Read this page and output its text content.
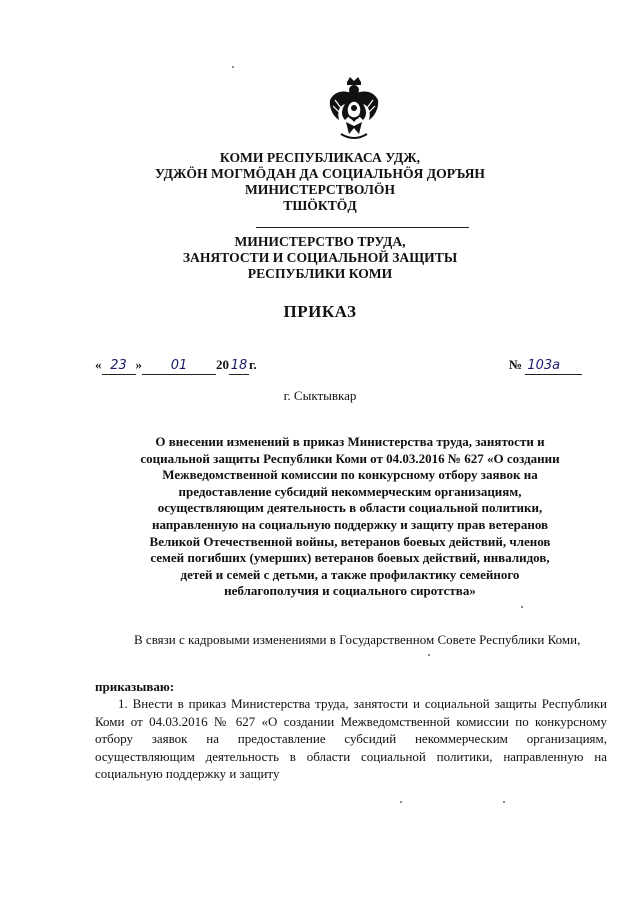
КОМИ РЕСПУБЛИКАСА УДЖ,
УДЖӦН МОГМӦДАН ДА СОЦИАЛЬНӦЯ ДОРЪЯН
МИНИСТЕРСТВОЛӦН
ТШӦКТӦД
МИНИСТЕРСТВО ТРУДА,
ЗАНЯТОСТИ И СОЦИАЛЬНОЙ ЗАЩИТЫ
РЕСПУБЛИКИ КОМИ
ПРИКАЗ
« 23 » 01 20 18 г.	№ 103а
г. Сыктывкар
О внесении изменений в приказ Министерства труда, занятости и
социальной защиты Республики Коми от 04.03.2016 № 627 «О создании
Межведомственной комиссии по конкурсному отбору заявок на
предоставление субсидий некоммерческим организациям,
осуществляющим деятельность в области социальной политики,
направленную на социальную поддержку и защиту прав ветеранов
Великой Отечественной войны, ветеранов боевых действий, членов
семей погибших (умерших) ветеранов боевых действий, инвалидов,
детей и семей с детьми, а также профилактику семейного
неблагополучия и социального сиротства»
В связи с кадровыми изменениями в Государственном Совете Республики Коми,
приказываю:
1. Внести в приказ Министерства труда, занятости и социальной защиты Республики Коми от 04.03.2016 № 627 «О создании Межведомственной комиссии по конкурсному отбору заявок на предоставление субсидий некоммерческим организациям, осуществляющим деятельность в области социальной политики, направленную на социальную поддержку и защиту
